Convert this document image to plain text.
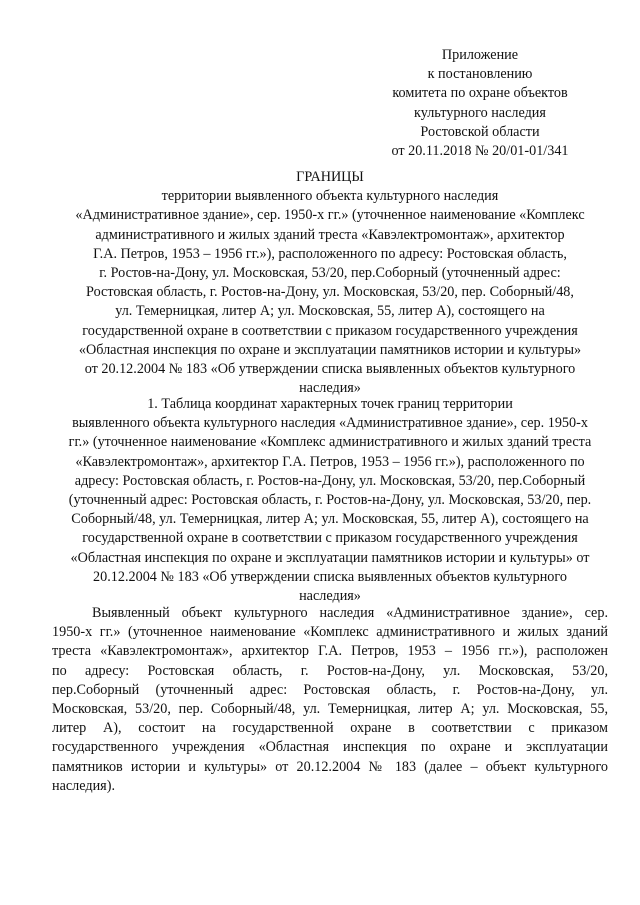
Приложение
к постановлению
комитета по охране объектов
культурного наследия
Ростовской области
от 20.11.2018 № 20/01-01/341
ГРАНИЦЫ
территории выявленного объекта культурного наследия
«Административное здание», сер. 1950-х гг.» (уточненное наименование «Комплекс
административного и жилых зданий треста «Кавэлектромонтаж», архитектор
Г.А. Петров, 1953 – 1956 гг.»), расположенного по адресу: Ростовская область,
г. Ростов-на-Дону, ул. Московская, 53/20, пер.Соборный (уточненный адрес:
Ростовская область, г. Ростов-на-Дону, ул. Московская, 53/20, пер. Соборный/48,
ул. Темерницкая, литер А; ул. Московская, 55, литер А), состоящего на
государственной охране в соответствии с приказом государственного учреждения
«Областная инспекция по охране и эксплуатации памятников истории и культуры»
от 20.12.2004 № 183 «Об утверждении списка выявленных объектов культурного
наследия»
1. Таблица координат характерных точек границ территории
выявленного объекта культурного наследия «Административное здание», сер. 1950-х
гг.» (уточненное наименование «Комплекс административного и жилых зданий треста
«Кавэлектромонтаж», архитектор Г.А. Петров, 1953 – 1956 гг.»), расположенного по
адресу: Ростовская область, г. Ростов-на-Дону, ул. Московская, 53/20, пер.Соборный
(уточненный адрес: Ростовская область, г. Ростов-на-Дону, ул. Московская, 53/20, пер.
Соборный/48, ул. Темерницкая, литер А; ул. Московская, 55, литер А), состоящего на
государственной охране в соответствии с приказом государственного учреждения
«Областная инспекция по охране и эксплуатации памятников истории и культуры» от
20.12.2004 № 183 «Об утверждении списка выявленных объектов культурного
наследия»
Выявленный объект культурного наследия «Административное здание», сер.
1950-х гг.» (уточненное наименование «Комплекс административного и жилых зданий
треста «Кавэлектромонтаж», архитектор Г.А. Петров, 1953 – 1956 гг.»), расположен
по адресу: Ростовская область, г. Ростов-на-Дону, ул. Московская, 53/20,
пер.Соборный (уточненный адрес: Ростовская область, г. Ростов-на-Дону, ул.
Московская, 53/20, пер. Соборный/48, ул. Темерницкая, литер А; ул. Московская, 55,
литер А), состоит на государственной охране в соответствии с приказом
государственного учреждения «Областная инспекция по охране и эксплуатации
памятников истории и культуры» от 20.12.2004 № 183 (далее – объект культурного
наследия).
